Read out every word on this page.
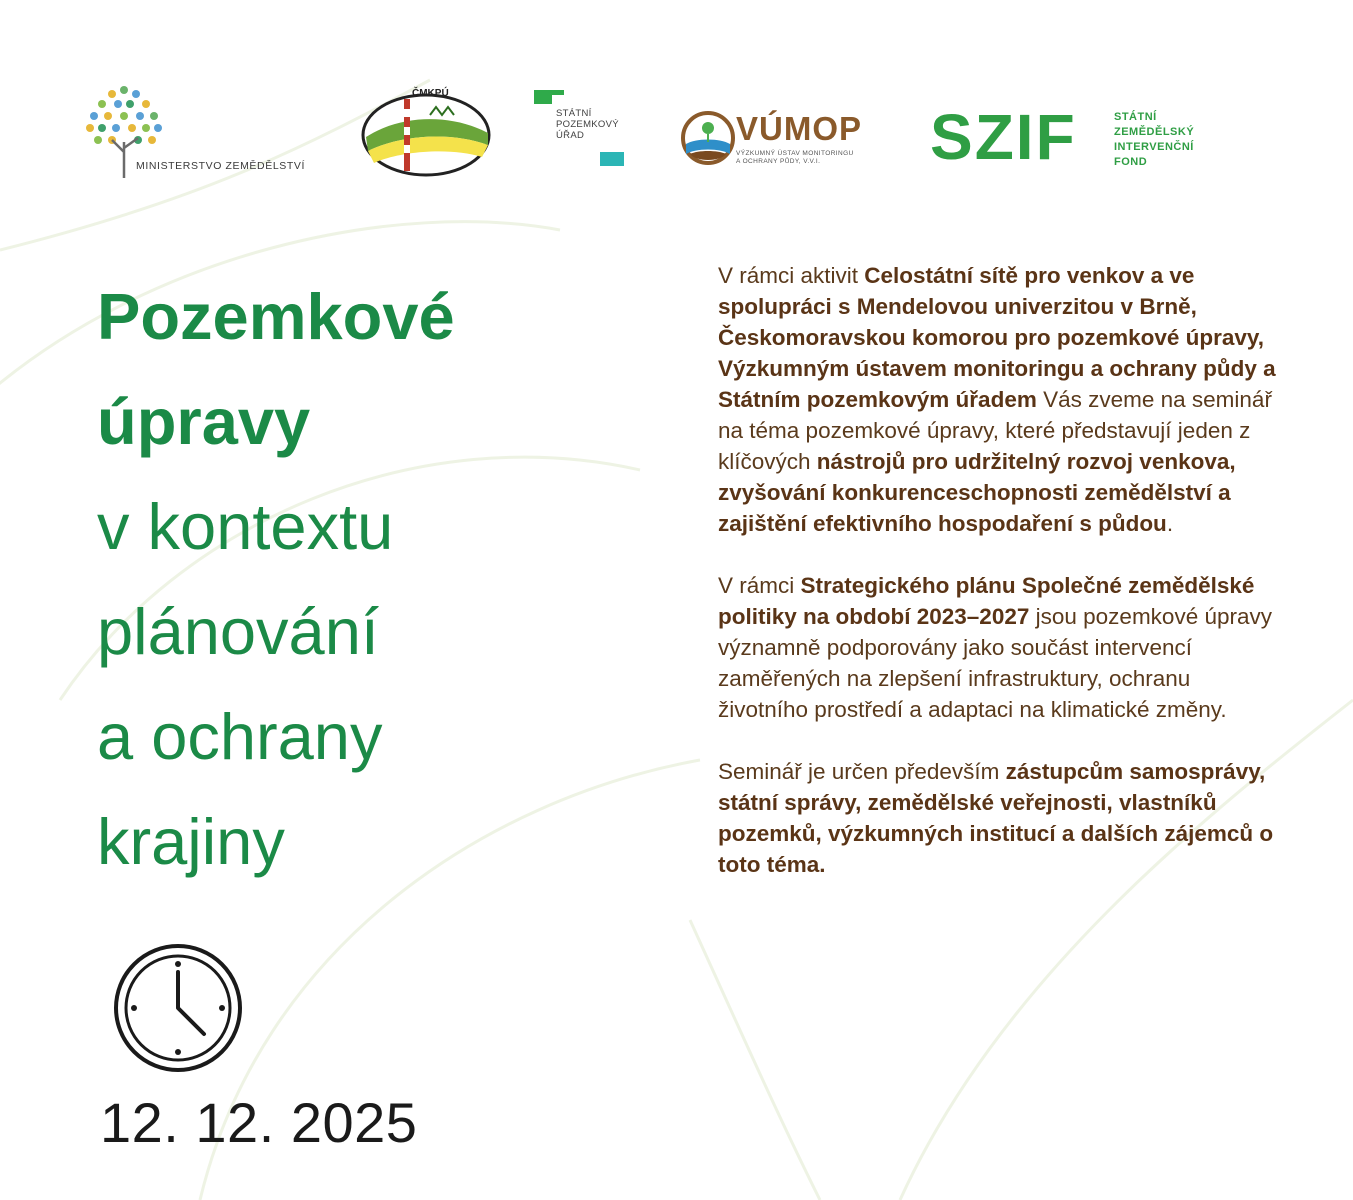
MINISTERSTVO ZEMĚDĚLSTVÍ
ČMKPÚ
STÁTNÍ
POZEMKOVÝ
ÚŘAD	VÚMOP
VÝZKUMNÝ ÚSTAV MONITORINGU
A OCHRANY PŮDY, V.V.I.	SZIF	STÁTNÍ
ZEMĚDĚLSKÝ
INTERVENČNÍ
FOND
Pozemkové
úpravy
v kontextu
plánování
a ochrany
krajiny
12. 12. 2025

V rámci aktivit Celostátní sítě pro venkov a ve spolupráci s Mendelovou univerzitou v Brně, Českomoravskou komorou pro pozemkové úpravy, Výzkumným ústavem monitoringu a ochrany půdy a Státním pozemkovým úřadem Vás zveme na seminář na téma pozemkové úpravy, které představují jeden z klíčových nástrojů pro udržitelný rozvoj venkova, zvyšování konkurenceschopnosti zemědělství a zajištění efektivního hospodaření s půdou.

V rámci Strategického plánu Společné zemědělské politiky na období 2023–2027 jsou pozemkové úpravy významně podporovány jako součást intervencí zaměřených na zlepšení infrastruktury, ochranu životního prostředí a adaptaci na klimatické změny.

Seminář je určen především zástupcům samosprávy, státní správy, zemědělské veřejnosti, vlastníků pozemků, výzkumných institucí a dalších zájemců o toto téma.
